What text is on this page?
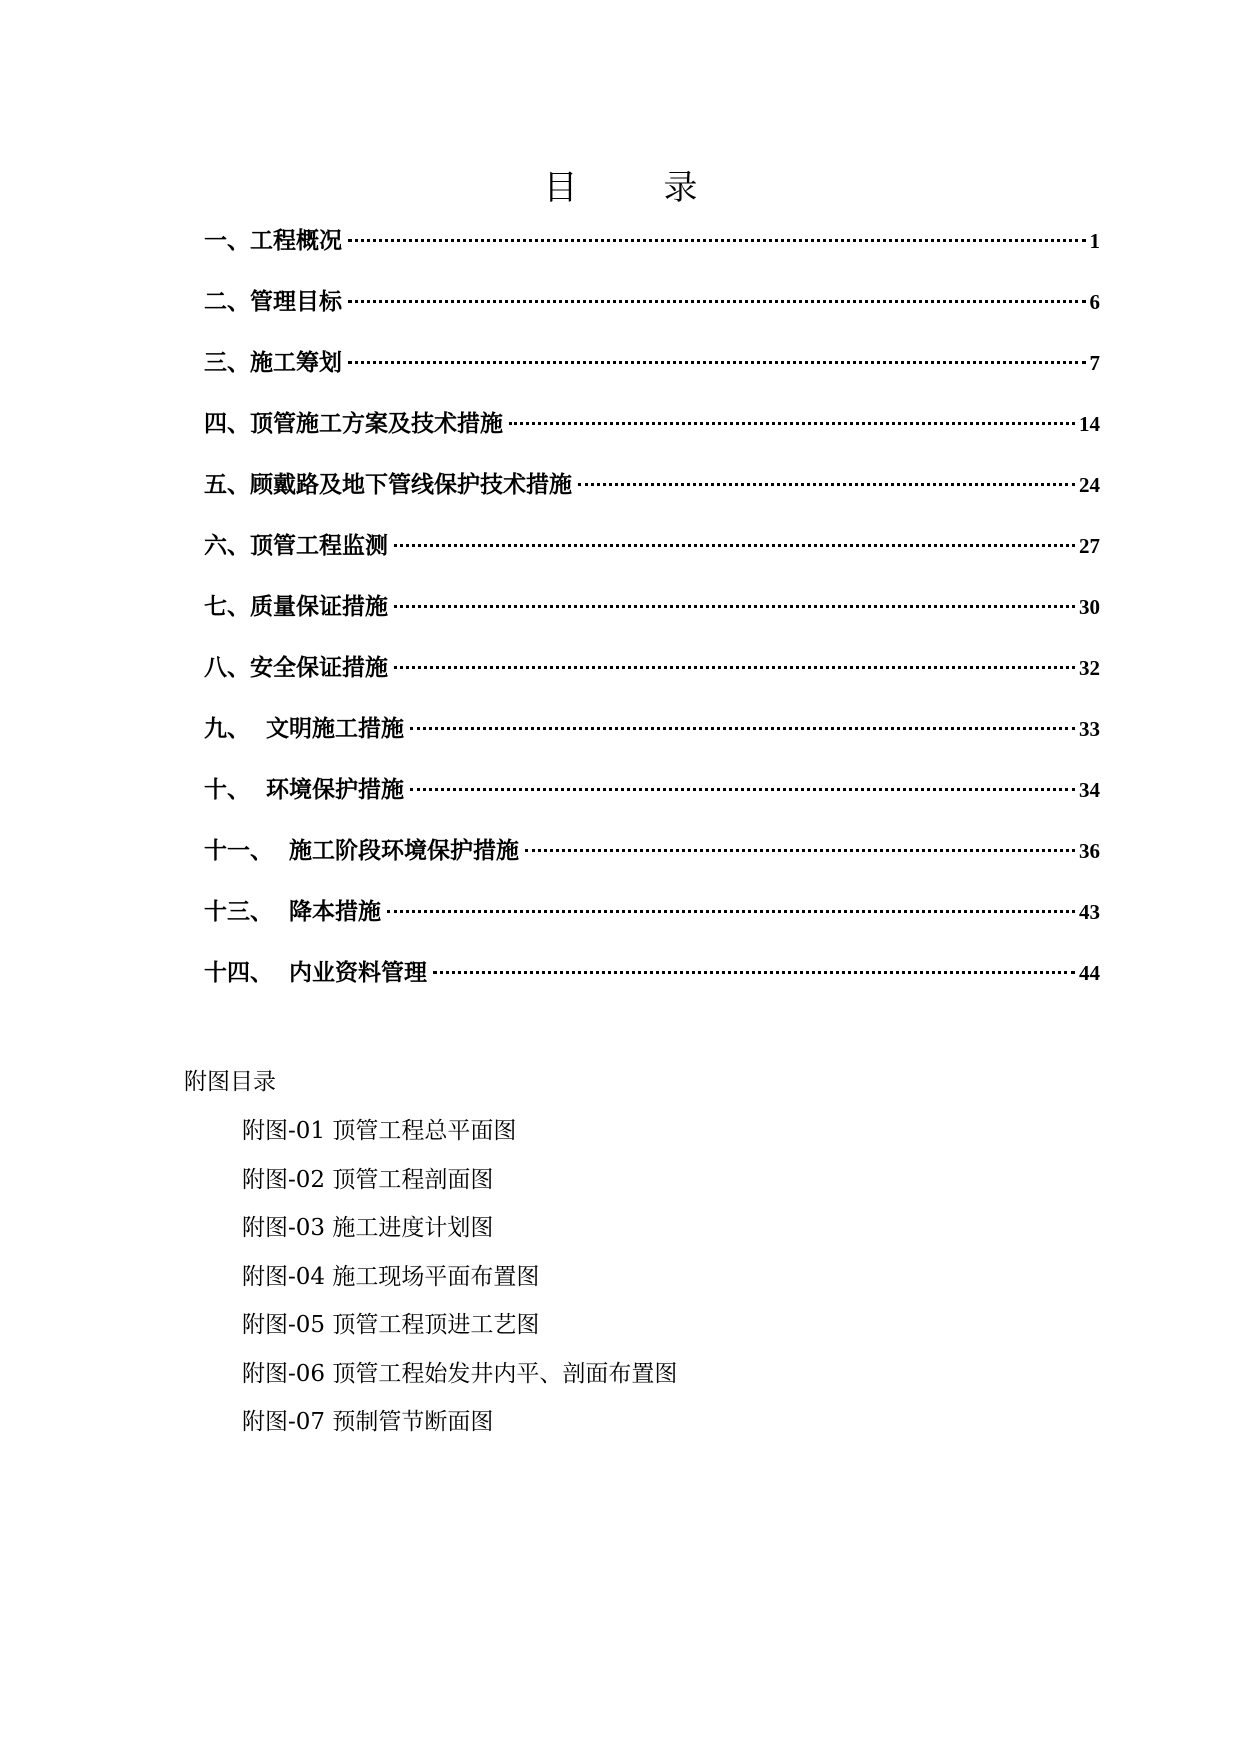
目录
一、工程概况	1
二、管理目标	6
三、施工筹划	7
四、顶管施工方案及技术措施	14
五、顾戴路及地下管线保护技术措施	24
六、顶管工程监测	27
七、质量保证措施	30
八、安全保证措施	32
九、  文明施工措施	33
十、  环境保护措施	34
十一、  施工阶段环境保护措施	36
十三、  降本措施	43
十四、  内业资料管理	44
附图目录
附图-01 顶管工程总平面图
附图-02 顶管工程剖面图
附图-03 施工进度计划图
附图-04 施工现场平面布置图
附图-05 顶管工程顶进工艺图
附图-06 顶管工程始发井内平、剖面布置图
附图-07 预制管节断面图
